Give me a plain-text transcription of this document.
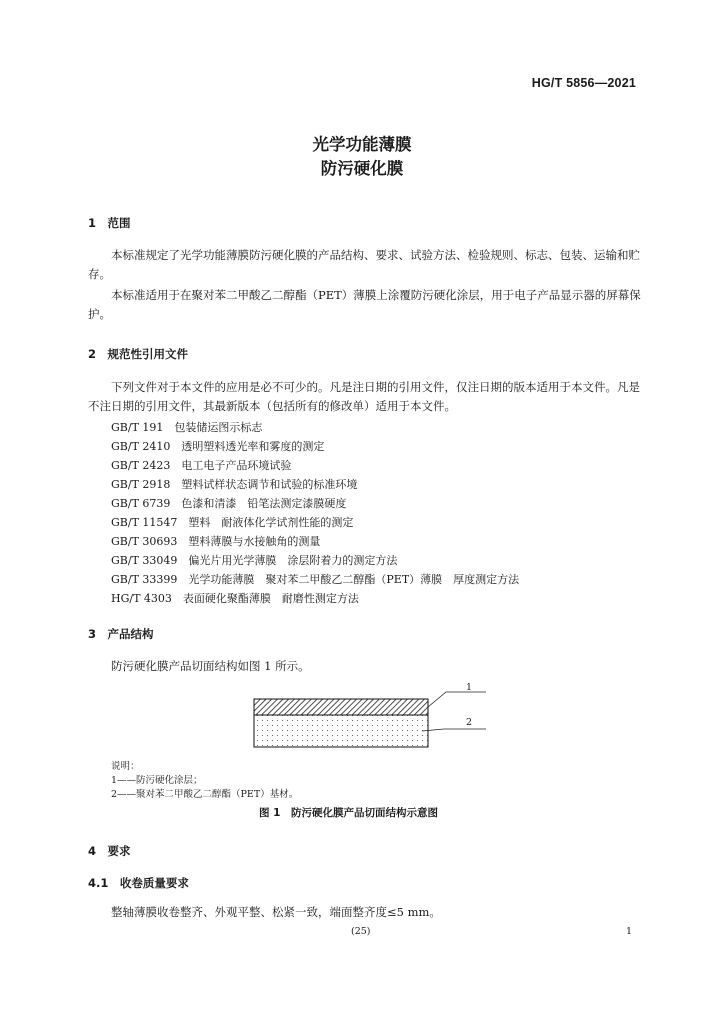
HG/T 5856—2021
光学功能薄膜
防污硬化膜
1　范围
本标准规定了光学功能薄膜防污硬化膜的产品结构、要求、试验方法、检验规则、标志、包装、运输和贮存。
本标准适用于在聚对苯二甲酸乙二醇酯（PET）薄膜上涂覆防污硬化涂层，用于电子产品显示器的屏幕保护。
2　规范性引用文件
下列文件对于本文件的应用是必不可少的。凡是注日期的引用文件，仅注日期的版本适用于本文件。凡是不注日期的引用文件，其最新版本（包括所有的修改单）适用于本文件。
GB/T 191　包装储运图示标志
GB/T 2410　透明塑料透光率和雾度的测定
GB/T 2423　电工电子产品环境试验
GB/T 2918　塑料试样状态调节和试验的标准环境
GB/T 6739　色漆和清漆　铅笔法测定漆膜硬度
GB/T 11547　塑料　耐液体化学试剂性能的测定
GB/T 30693　塑料薄膜与水接触角的测量
GB/T 33049　偏光片用光学薄膜　涂层附着力的测定方法
GB/T 33399　光学功能薄膜　聚对苯二甲酸乙二醇酯（PET）薄膜　厚度测定方法
HG/T 4303　表面硬化聚酯薄膜　耐磨性测定方法
3　产品结构
防污硬化膜产品切面结构如图 1 所示。
1
2
说明：
1——防污硬化涂层；
2——聚对苯二甲酸乙二醇酯（PET）基材。
图 1　防污硬化膜产品切面结构示意图
4　要求
4.1　收卷质量要求
整轴薄膜收卷整齐、外观平整、松紧一致，端面整齐度≤5 mm。
(25)	1
